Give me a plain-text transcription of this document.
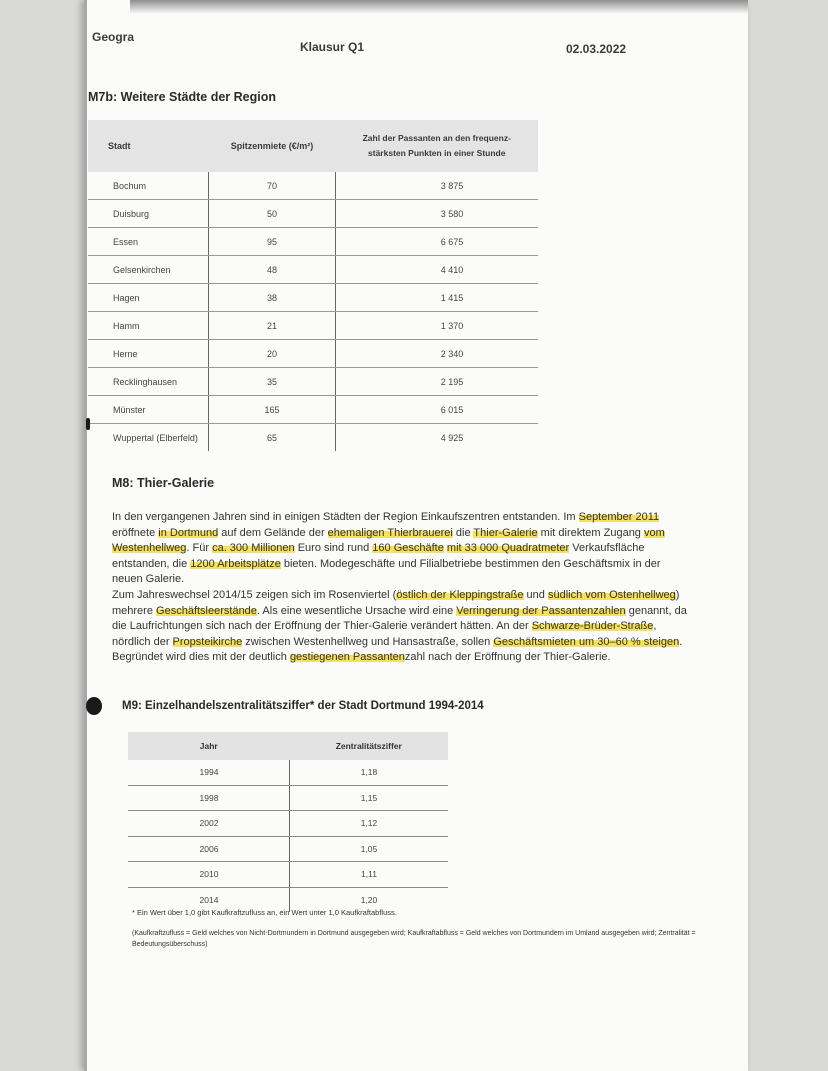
Geogra
Klausur Q1	02.03.2022
M7b: Weitere Städte der Region
Stadt	Spitzenmiete (€/m²)	Zahl der Passanten an den frequenz-
stärksten Punkten in einer Stunde
Bochum	70	3 875
Duisburg	50	3 580
Essen	95	6 675
Gelsenkirchen	48	4 410
Hagen	38	1 415
Hamm	21	1 370
Herne	20	2 340
Recklinghausen	35	2 195
Münster	165	6 015
Wuppertal (Elberfeld)	65	4 925
M8: Thier-Galerie
In den vergangenen Jahren sind in einigen Städten der Region Einkaufszentren entstanden. Im September 2011 eröffnete in Dortmund auf dem Gelände der ehemaligen Thierbrauerei die Thier-Galerie mit direktem Zugang vom Westenhellweg. Für ca. 300 Millionen Euro sind rund 160 Geschäfte mit 33 000 Quadratmeter Verkaufsfläche entstanden, die 1200 Arbeitsplätze bieten. Modegeschäfte und Filialbetriebe bestimmen den Geschäftsmix in der neuen Galerie.
Zum Jahreswechsel 2014/15 zeigen sich im Rosenviertel (östlich der Kleppingstraße und südlich vom Ostenhellweg) mehrere Geschäftsleerstände. Als eine wesentliche Ursache wird eine Verringerung der Passantenzahlen genannt, da die Laufrichtungen sich nach der Eröffnung der Thier-Galerie verändert hätten. An der Schwarze-Brüder-Straße, nördlich der Propsteikirche zwischen Westenhellweg und Hansastraße, sollen Geschäftsmieten um 30–60 % steigen. Begründet wird dies mit der deutlich gestiegenen Passantenzahl nach der Eröffnung der Thier-Galerie.
M9: Einzelhandelszentralitätsziffer* der Stadt Dortmund 1994-2014
Jahr	Zentralitätsziffer
1994	1,18
1998	1,15
2002	1,12
2006	1,05
2010	1,11
2014	1,20
* Ein Wert über 1,0 gibt Kaufkraftzufluss an, ein Wert unter 1,0 Kaufkraftabfluss.
(Kaufkraftzufluss = Geld welches von Nicht-Dortmundern in Dortmund ausgegeben wird; Kaufkraftabfluss = Geld welches von Dortmundern im Umland ausgegeben wird; Zentralität = Bedeutungsüberschuss)
